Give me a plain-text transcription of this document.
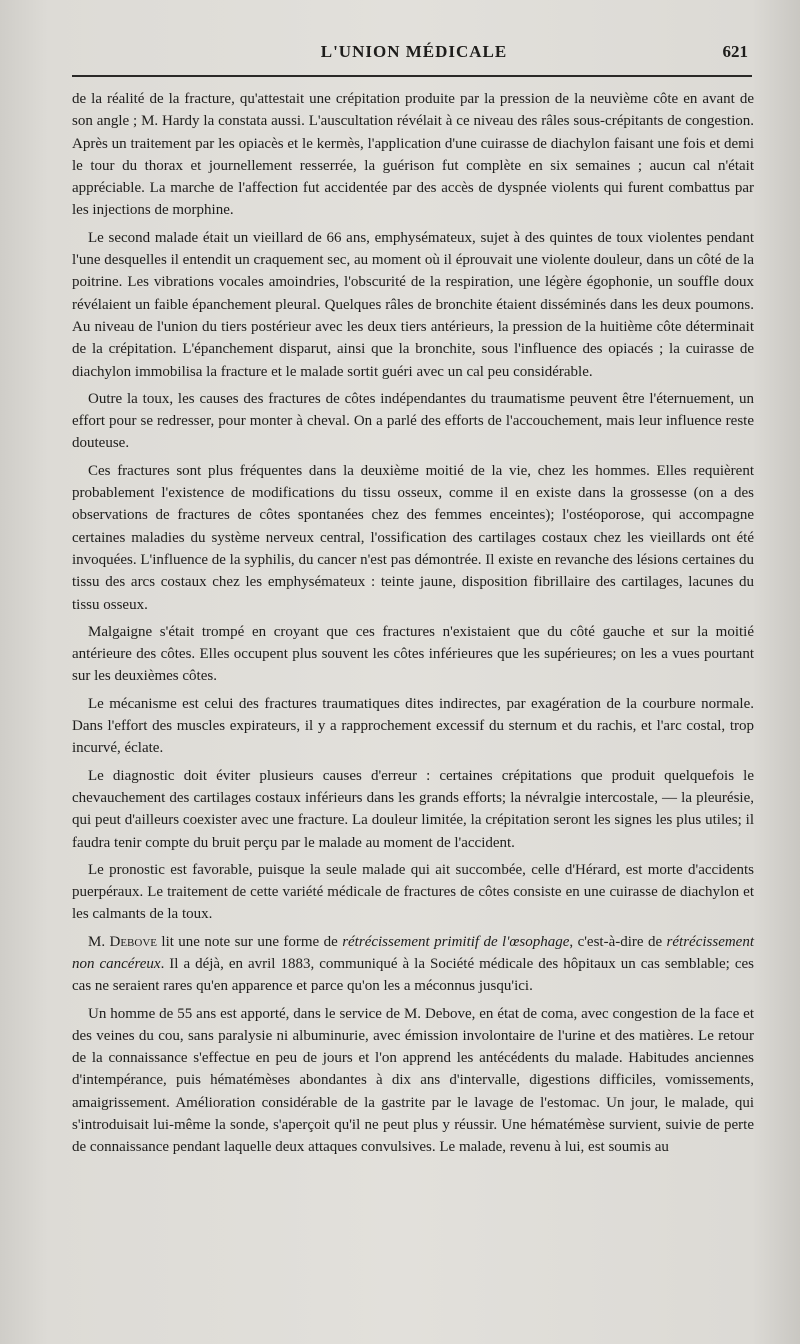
L'UNION MÉDICALE	621

de la réalité de la fracture, qu'attestait une crépitation produite par la pression de la neuvième côte en avant de son angle ; M. Hardy la constata aussi. L'auscultation révélait à ce niveau des râles sous-crépitants de congestion. Après un traitement par les opiacès et le kermès, l'application d'une cuirasse de diachylon faisant une fois et demi le tour du thorax et journellement resserrée, la guérison fut complète en six semaines ; aucun cal n'était appréciable. La marche de l'affection fut accidentée par des accès de dyspnée violents qui furent combattus par les injections de morphine.

Le second malade était un vieillard de 66 ans, emphysémateux, sujet à des quintes de toux violentes pendant l'une desquelles il entendit un craquement sec, au moment où il éprouvait une violente douleur, dans un côté de la poitrine. Les vibrations vocales amoindries, l'obscurité de la respiration, une légère égophonie, un souffle doux révélaient un faible épanchement pleural. Quelques râles de bronchite étaient disséminés dans les deux poumons. Au niveau de l'union du tiers postérieur avec les deux tiers antérieurs, la pression de la huitième côte déterminait de la crépitation. L'épanchement disparut, ainsi que la bronchite, sous l'influence des opiacés ; la cuirasse de diachylon immobilisa la fracture et le malade sortit guéri avec un cal peu considérable.

Outre la toux, les causes des fractures de côtes indépendantes du traumatisme peuvent être l'éternuement, un effort pour se redresser, pour monter à cheval. On a parlé des efforts de l'accouchement, mais leur influence reste douteuse.

Ces fractures sont plus fréquentes dans la deuxième moitié de la vie, chez les hommes. Elles requièrent probablement l'existence de modifications du tissu osseux, comme il en existe dans la grossesse (on a des observations de fractures de côtes spontanées chez des femmes enceintes); l'ostéoporose, qui accompagne certaines maladies du système nerveux central, l'ossification des cartilages costaux chez les vieillards ont été invoquées. L'influence de la syphilis, du cancer n'est pas démontrée. Il existe en revanche des lésions certaines du tissu des arcs costaux chez les emphysémateux : teinte jaune, disposition fibrillaire des cartilages, lacunes du tissu osseux.

Malgaigne s'était trompé en croyant que ces fractures n'existaient que du côté gauche et sur la moitié antérieure des côtes. Elles occupent plus souvent les côtes inférieures que les supérieures; on les a vues pourtant sur les deuxièmes côtes.

Le mécanisme est celui des fractures traumatiques dites indirectes, par exagération de la courbure normale. Dans l'effort des muscles expirateurs, il y a rapprochement excessif du sternum et du rachis, et l'arc costal, trop incurvé, éclate.

Le diagnostic doit éviter plusieurs causes d'erreur : certaines crépitations que produit quelquefois le chevauchement des cartilages costaux inférieurs dans les grands efforts; la névralgie intercostale, — la pleurésie, qui peut d'ailleurs coexister avec une fracture. La douleur limitée, la crépitation seront les signes les plus utiles; il faudra tenir compte du bruit perçu par le malade au moment de l'accident.

Le pronostic est favorable, puisque la seule malade qui ait succombée, celle d'Hérard, est morte d'accidents puerpéraux. Le traitement de cette variété médicale de fractures de côtes consiste en une cuirasse de diachylon et les calmants de la toux.

M. Debove lit une note sur une forme de rétrécissement primitif de l'œsophage, c'est-à-dire de rétrécissement non cancéreux. Il a déjà, en avril 1883, communiqué à la Société médicale des hôpitaux un cas semblable; ces cas ne seraient rares qu'en apparence et parce qu'on les a méconnus jusqu'ici.

Un homme de 55 ans est apporté, dans le service de M. Debove, en état de coma, avec congestion de la face et des veines du cou, sans paralysie ni albuminurie, avec émission involontaire de l'urine et des matières. Le retour de la connaissance s'effectue en peu de jours et l'on apprend les antécédents du malade. Habitudes anciennes d'intempérance, puis hématémèses abondantes à dix ans d'intervalle, digestions difficiles, vomissements, amaigrissement. Amélioration considérable de la gastrite par le lavage de l'estomac. Un jour, le malade, qui s'introduisait lui-même la sonde, s'aperçoit qu'il ne peut plus y réussir. Une hématémèse survient, suivie de perte de connaissance pendant laquelle deux attaques convulsives. Le malade, revenu à lui, est soumis au
